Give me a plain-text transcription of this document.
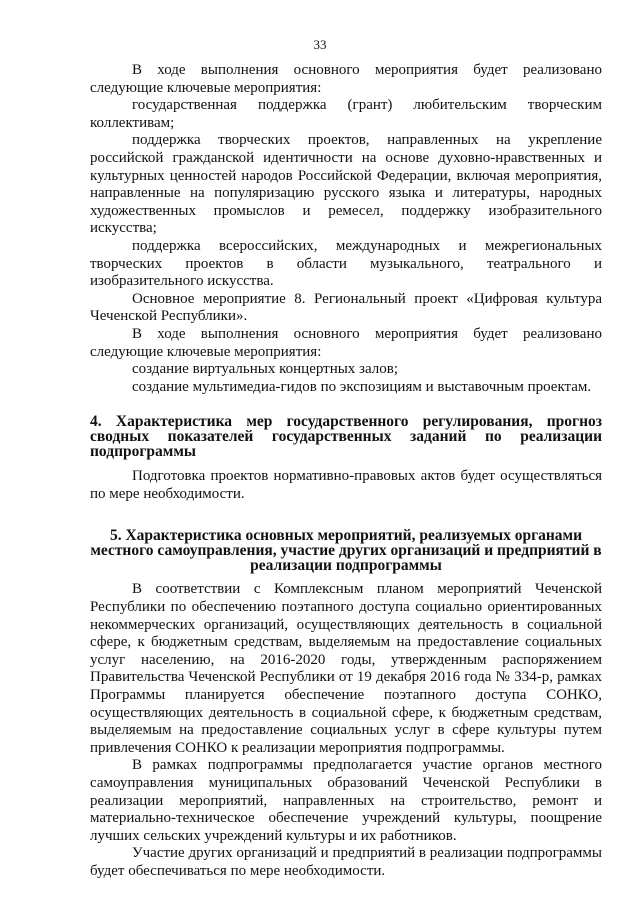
33

В ходе выполнения основного мероприятия будет реализовано следующие ключевые мероприятия:

государственная поддержка (грант) любительским творческим коллективам;

поддержка творческих проектов, направленных на укрепление российской гражданской идентичности на основе духовно-нравственных и культурных ценностей народов Российской Федерации, включая мероприятия, направленные на популяризацию русского языка и литературы, народных художественных промыслов и ремесел, поддержку изобразительного искусства;

поддержка всероссийских, международных и межрегиональных творческих проектов в области музыкального, театрального и изобразительного искусства.

Основное мероприятие 8. Региональный проект «Цифровая культура Чеченской Республики».

В ходе выполнения основного мероприятия будет реализовано следующие ключевые мероприятия:

создание виртуальных концертных залов;

создание мультимедиа-гидов по экспозициям и выставочным проектам.

4. Характеристика мер государственного регулирования, прогноз сводных показателей государственных заданий по реализации подпрограммы

Подготовка проектов нормативно-правовых актов будет осуществляться по мере необходимости.

5. Характеристика основных мероприятий, реализуемых органами местного самоуправления, участие других организаций и предприятий в реализации подпрограммы

В соответствии с Комплексным планом мероприятий Чеченской Республики по обеспечению поэтапного доступа социально ориентированных некоммерческих организаций, осуществляющих деятельность в социальной сфере, к бюджетным средствам, выделяемым на предоставление социальных услуг населению, на 2016-2020 годы, утвержденным распоряжением Правительства Чеченской Республики от 19 декабря 2016 года № 334-р, рамках Программы планируется обеспечение поэтапного доступа СОНКО, осуществляющих деятельность в социальной сфере, к бюджетным средствам, выделяемым на предоставление социальных услуг в сфере культуры путем привлечения СОНКО к реализации мероприятия подпрограммы.

В рамках подпрограммы предполагается участие органов местного самоуправления муниципальных образований Чеченской Республики в реализации мероприятий, направленных на строительство, ремонт и материально-техническое обеспечение учреждений культуры, поощрение лучших сельских учреждений культуры и их работников.

Участие других организаций и предприятий в реализации подпрограммы будет обеспечиваться по мере необходимости.
